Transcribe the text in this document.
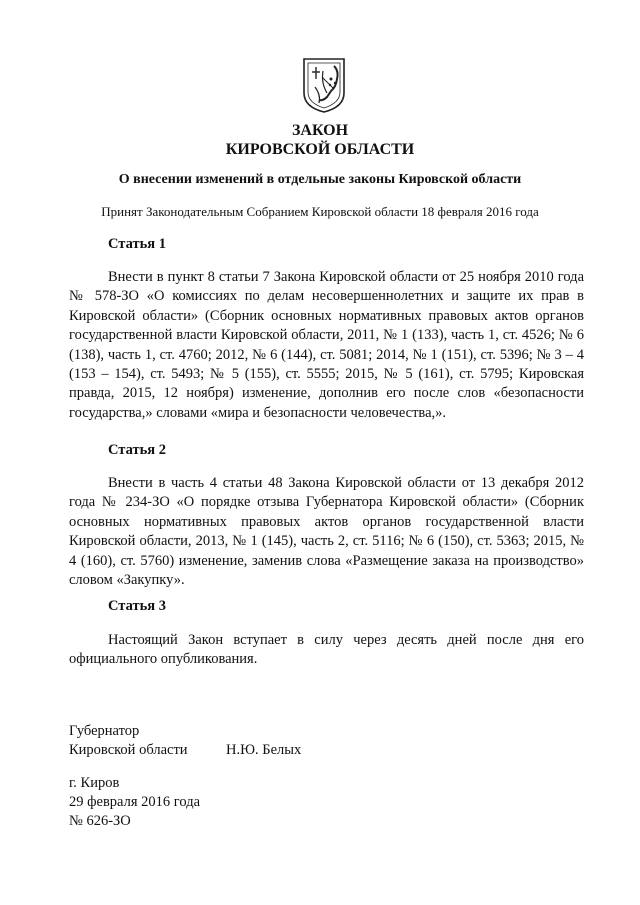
ЗАКОН
КИРОВСКОЙ ОБЛАСТИ
О внесении изменений в отдельные законы Кировской области
Принят Законодательным Собранием Кировской области 18 февраля 2016 года
Статья 1

Внести в пункт 8 статьи 7 Закона Кировской области от 25 ноября 2010 года № 578-ЗО «О комиссиях по делам несовершеннолетних и защите их прав в Кировской области» (Сборник основных нормативных правовых актов органов государственной власти Кировской области, 2011, № 1 (133), часть 1, ст. 4526; № 6 (138), часть 1, ст. 4760; 2012, № 6 (144), ст. 5081; 2014, № 1 (151), ст. 5396; № 3 – 4 (153 – 154), ст. 5493; № 5 (155), ст. 5555; 2015, № 5 (161), ст. 5795; Кировская правда, 2015, 12 ноября) изменение, дополнив его после слов «безопасности государства,» словами «мира и безопасности человечества,».

Статья 2

Внести в часть 4 статьи 48 Закона Кировской области от 13 декабря 2012 года № 234-ЗО «О порядке отзыва Губернатора Кировской области» (Сборник основных нормативных правовых актов органов государственной власти Кировской области, 2013, № 1 (145), часть 2, ст. 5116; № 6 (150), ст. 5363; 2015, № 4 (160), ст. 5760) изменение, заменив слова «Размещение заказа на производство» словом «Закупку».

Статья 3

Настоящий Закон вступает в силу через десять дней после дня его официального опубликования.

Губернатор
Кировской области	Н.Ю. Белых
г. Киров
29 февраля 2016 года
№ 626-ЗО
